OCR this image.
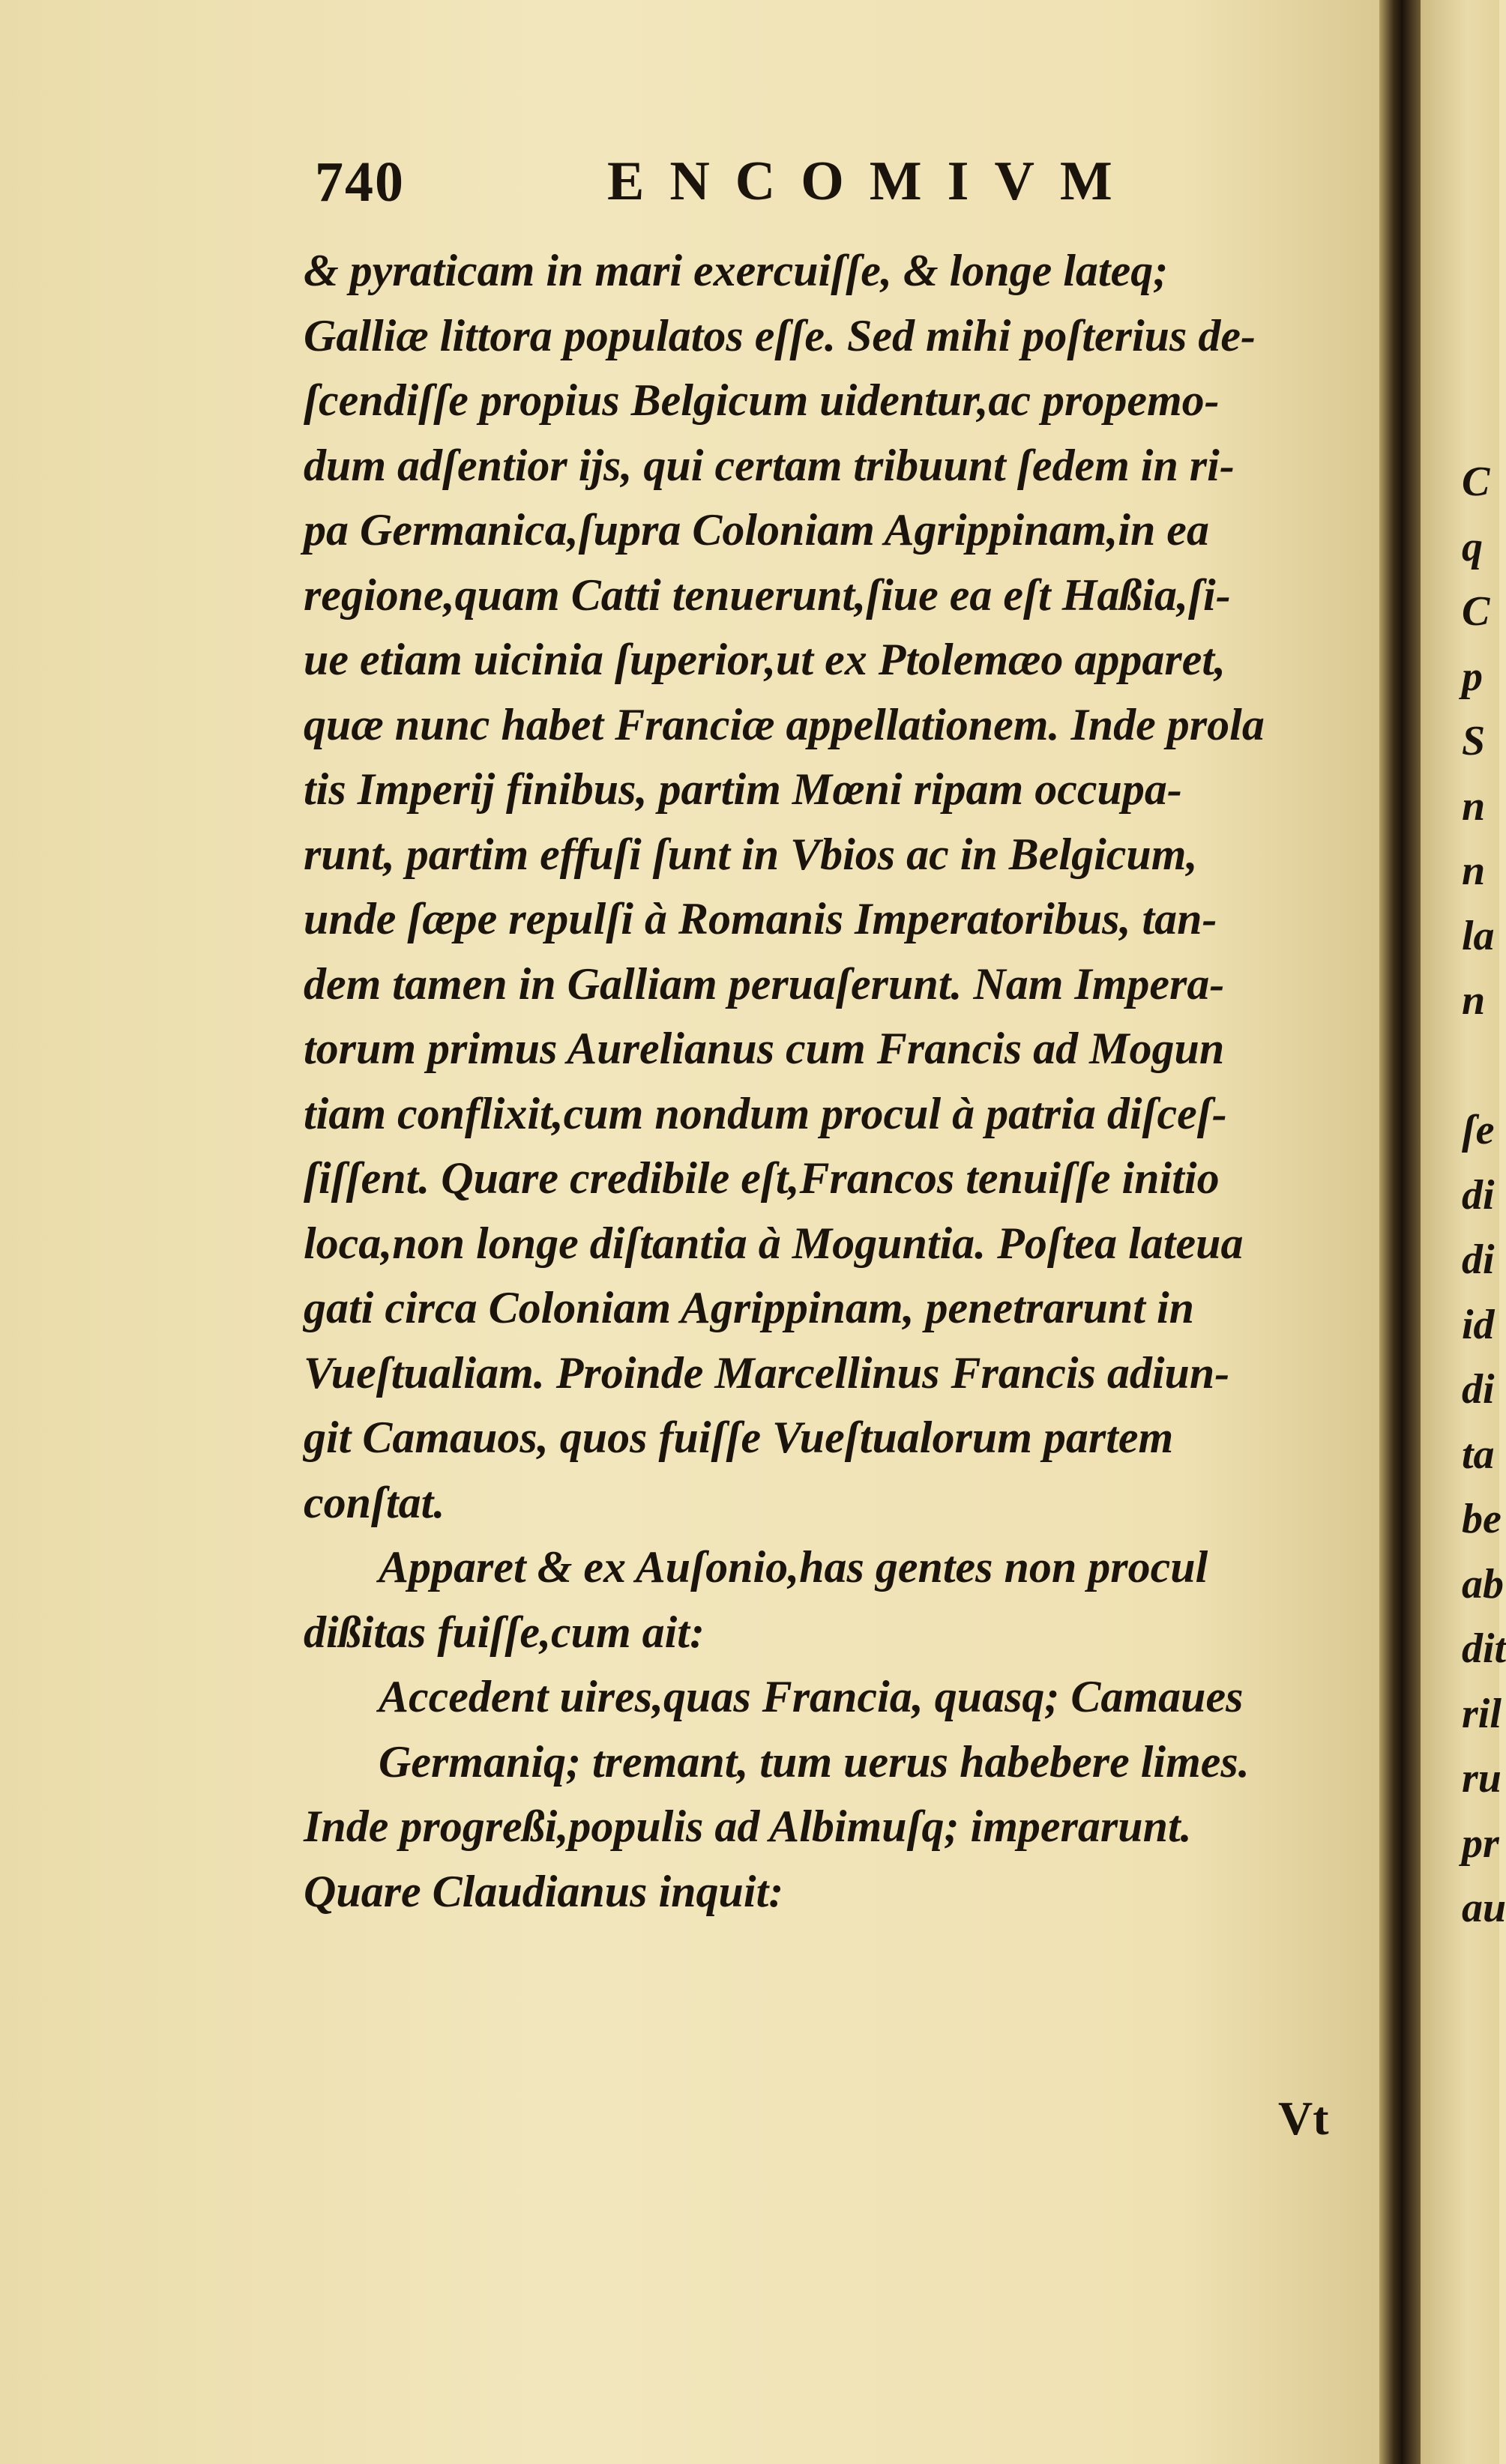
740	ENCOMIVM
& pyraticam in mari exercuiſſe, & longe lateq;
Galliæ littora populatos eſſe. Sed mihi poſterius de-
ſcendiſſe propius Belgicum uidentur,ac propemo-
dum adſentior ijs, qui certam tribuunt ſedem in ri-
pa Germanica,ſupra Coloniam Agrippinam,in ea
regione,quam Catti tenuerunt,ſiue ea eſt Haßia,ſi-
ue etiam uicinia ſuperior,ut ex Ptolemæo apparet,
quæ nunc habet Franciæ appellationem. Inde prola
tis Imperij finibus, partim Mœni ripam occupa-
runt, partim effuſi ſunt in Vbios ac in Belgicum,
unde ſæpe repulſi à Romanis Imperatoribus, tan-
dem tamen in Galliam peruaſerunt. Nam Impera-
torum primus Aurelianus cum Francis ad Mogun
tiam conflixit,cum nondum procul à patria diſceſ-
ſiſſent. Quare credibile eſt,Francos tenuiſſe initio
loca,non longe diſtantia à Moguntia. Poſtea lateua
gati circa Coloniam Agrippinam, penetrarunt in
Vueſtualiam. Proinde Marcellinus Francis adiun-
git Camauos, quos fuiſſe Vueſtualorum partem
conſtat.
Apparet & ex Auſonio,has gentes non procul
dißitas fuiſſe,cum ait:
Accedent uires,quas Francia, quasq; Camaues
Germaniq; tremant, tum uerus habebere limes.
Inde progreßi,populis ad Albimuſq; imperarunt.
Quare Claudianus inquit:
Vt
C
q
C
p
S
n
n
la
n
ſe
di
di
id
di
ta
be
ab
dit
ril
ru
pr
au
